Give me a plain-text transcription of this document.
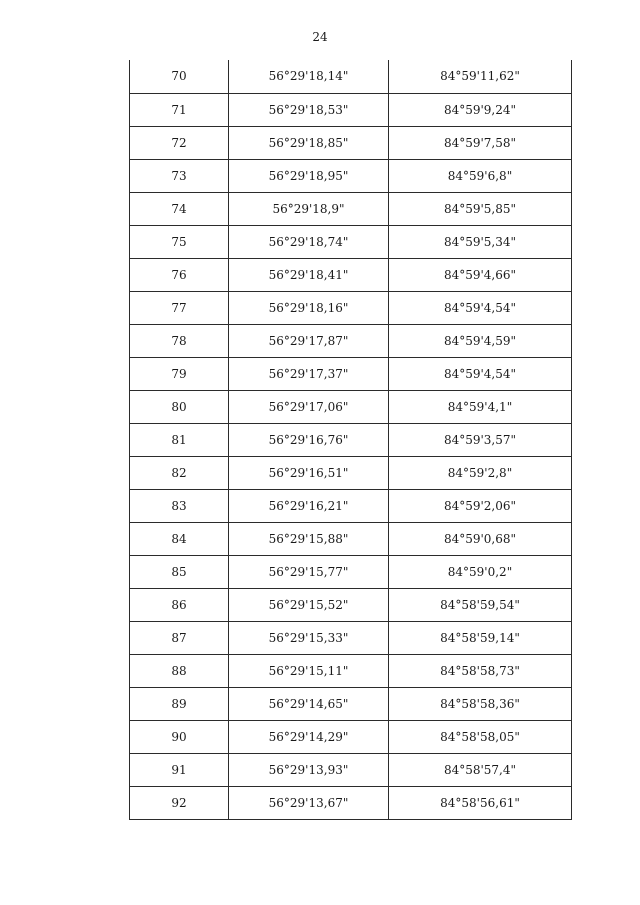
24
70	56°29'18,14"	84°59'11,62"
71	56°29'18,53"	84°59'9,24"
72	56°29'18,85"	84°59'7,58"
73	56°29'18,95"	84°59'6,8"
74	56°29'18,9"	84°59'5,85"
75	56°29'18,74"	84°59'5,34"
76	56°29'18,41"	84°59'4,66"
77	56°29'18,16"	84°59'4,54"
78	56°29'17,87"	84°59'4,59"
79	56°29'17,37"	84°59'4,54"
80	56°29'17,06"	84°59'4,1"
81	56°29'16,76"	84°59'3,57"
82	56°29'16,51"	84°59'2,8"
83	56°29'16,21"	84°59'2,06"
84	56°29'15,88"	84°59'0,68"
85	56°29'15,77"	84°59'0,2"
86	56°29'15,52"	84°58'59,54"
87	56°29'15,33"	84°58'59,14"
88	56°29'15,11"	84°58'58,73"
89	56°29'14,65"	84°58'58,36"
90	56°29'14,29"	84°58'58,05"
91	56°29'13,93"	84°58'57,4"
92	56°29'13,67"	84°58'56,61"
